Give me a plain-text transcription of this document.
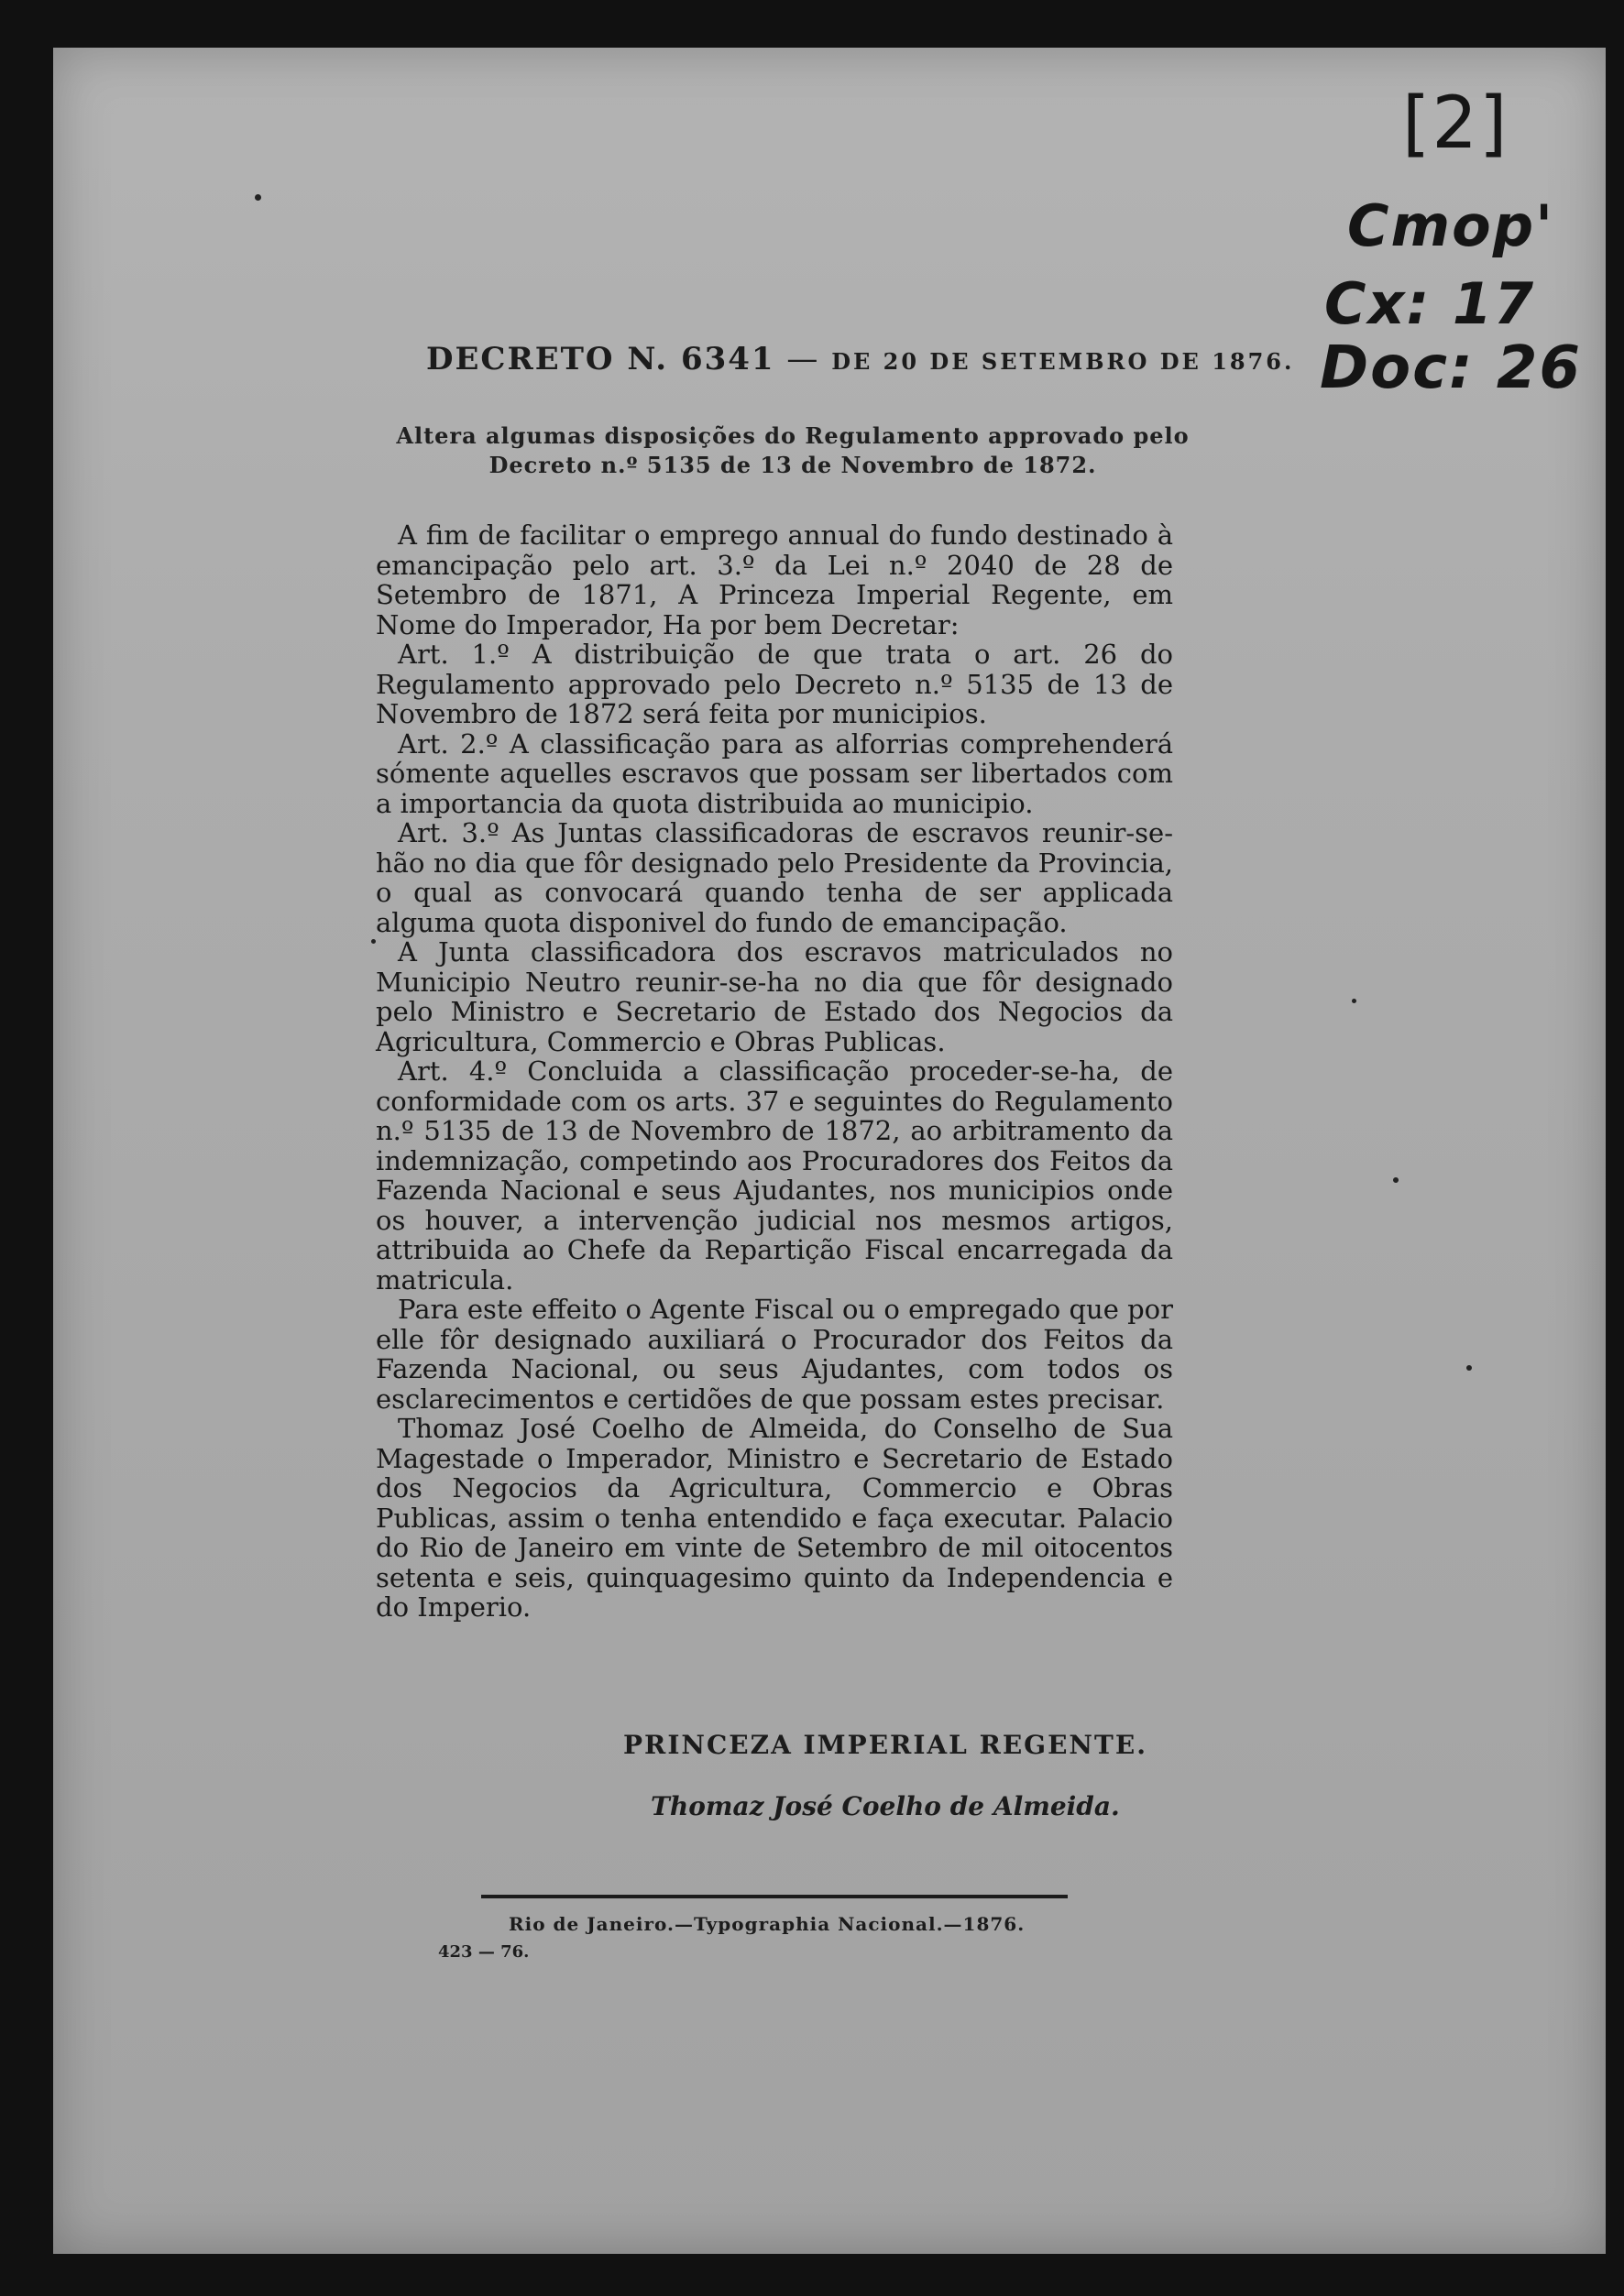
[2]
Cmop'
Cx: 17
Doc: 26
DECRETO N. 6341 — DE 20 DE SETEMBRO DE 1876.
Altera algumas disposições do Regulamento approvado pelo Decreto n.º 5135 de 13 de Novembro de 1872.

A fim de facilitar o emprego annual do fundo destinado à emancipação pelo art. 3.º da Lei n.º 2040 de 28 de Setembro de 1871, A Princeza Imperial Regente, em Nome do Imperador, Ha por bem Decretar:

Art. 1.º A distribuição de que trata o art. 26 do Regulamento approvado pelo Decreto n.º 5135 de 13 de Novembro de 1872 será feita por municipios.

Art. 2.º A classificação para as alforrias comprehenderá sómente aquelles escravos que possam ser libertados com a importancia da quota distribuida ao municipio.

Art. 3.º As Juntas classificadoras de escravos reunir-se-hão no dia que fôr designado pelo Presidente da Provincia, o qual as convocará quando tenha de ser applicada alguma quota disponivel do fundo de emancipação.

A Junta classificadora dos escravos matriculados no Municipio Neutro reunir-se-ha no dia que fôr designado pelo Ministro e Secretario de Estado dos Negocios da Agricultura, Commercio e Obras Publicas.

Art. 4.º Concluida a classificação proceder-se-ha, de conformidade com os arts. 37 e seguintes do Regulamento n.º 5135 de 13 de Novembro de 1872, ao arbitramento da indemnização, competindo aos Procuradores dos Feitos da Fazenda Nacional e seus Ajudantes, nos municipios onde os houver, a intervenção judicial nos mesmos artigos, attribuida ao Chefe da Repartição Fiscal encarregada da matricula.

Para este effeito o Agente Fiscal ou o empregado que por elle fôr designado auxiliará o Procurador dos Feitos da Fazenda Nacional, ou seus Ajudantes, com todos os esclarecimentos e certidões de que possam estes precisar.

Thomaz José Coelho de Almeida, do Conselho de Sua Magestade o Imperador, Ministro e Secretario de Estado dos Negocios da Agricultura, Commercio e Obras Publicas, assim o tenha entendido e faça executar. Palacio do Rio de Janeiro em vinte de Setembro de mil oitocentos setenta e seis, quinquagesimo quinto da Independencia e do Imperio.

PRINCEZA IMPERIAL REGENTE.
Thomaz José Coelho de Almeida.
Rio de Janeiro.—Typographia Nacional.—1876.
423 — 76.
